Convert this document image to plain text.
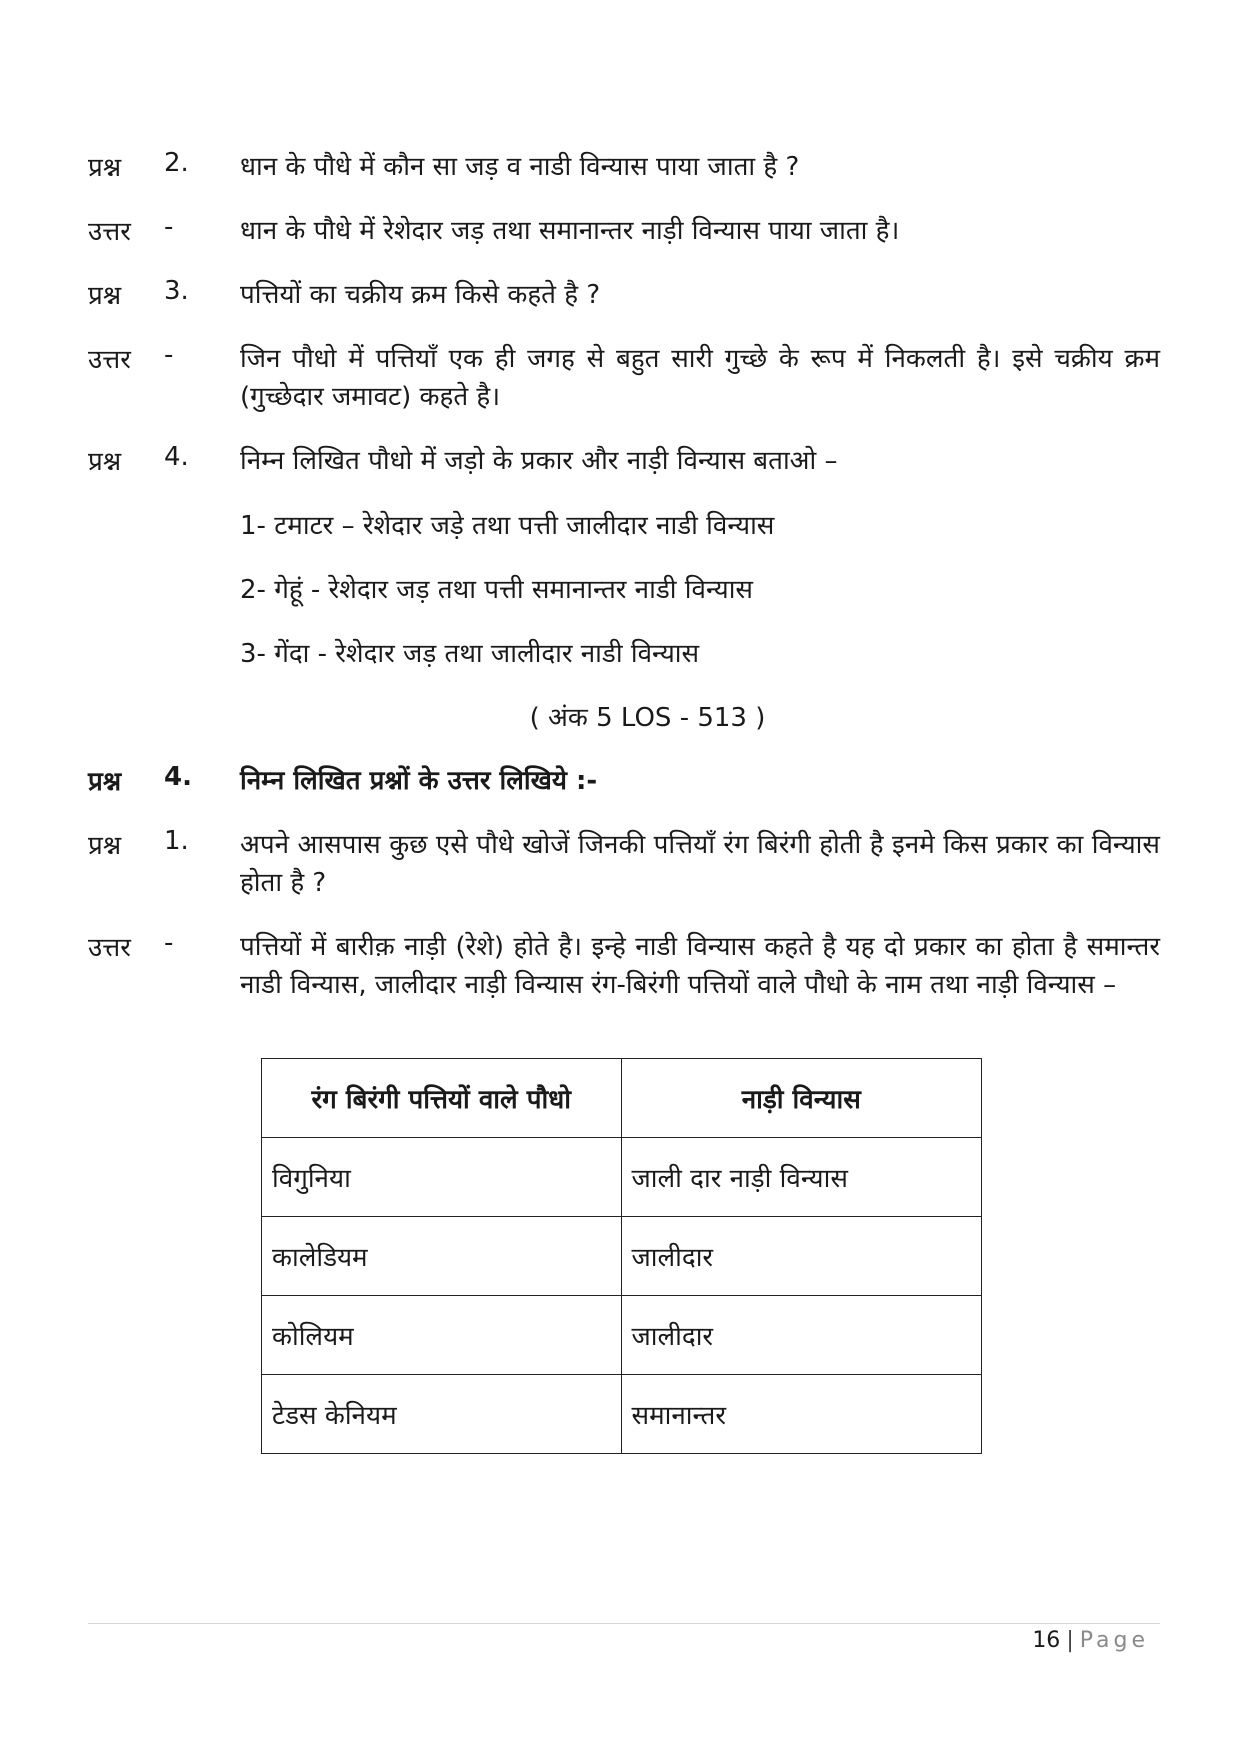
प्रश्न 2. धान के पौधे में कौन सा जड़ व नाडी विन्यास पाया जाता है ?
उत्तर -	धान के पौधे में रेशेदार जड़ तथा समानान्तर नाड़ी विन्यास पाया जाता है।
प्रश्न 3. पत्तियों का चक्रीय क्रम किसे कहते है ?
उत्तर -	जिन पौधो में पत्तियाँ एक ही जगह से बहुत सारी गुच्छे के रूप में निकलती है। इसे चक्रीय क्रम (गुच्छेदार जमावट) कहते है।
प्रश्न 4. निम्न लिखित पौधो में जड़ो के प्रकार और नाड़ी विन्यास बताओ –
1- टमाटर – रेशेदार जड़े तथा पत्ती जालीदार नाडी विन्यास
2- गेहूं - रेशेदार जड़ तथा पत्ती समानान्तर नाडी विन्यास
3- गेंदा - रेशेदार जड़ तथा जालीदार नाडी विन्यास
( अंक 5 LOS - 513 )
प्रश्न 4. निम्न लिखित प्रश्नों के उत्तर लिखिये :-
प्रश्न 1. अपने आसपास कुछ एसे पौधे खोजें जिनकी पत्तियाँ रंग बिरंगी होती है इनमे किस प्रकार का विन्यास होता है ?
उत्तर -	पत्तियों में बारीक़ नाड़ी (रेशे) होते है। इन्हे नाडी विन्यास कहते है यह दो प्रकार का होता है समान्तर नाडी विन्यास, जालीदार नाड़ी विन्यास रंग-बिरंगी पत्तियों वाले पौधो के नाम तथा नाड़ी विन्यास –
रंग बिरंगी पत्तियों वाले पौधो	नाड़ी विन्यास
विगुनिया	जाली दार नाड़ी विन्यास
कालेडियम	जालीदार
कोलियम	जालीदार
टेडस केनियम	समानान्तर
16 | Page
